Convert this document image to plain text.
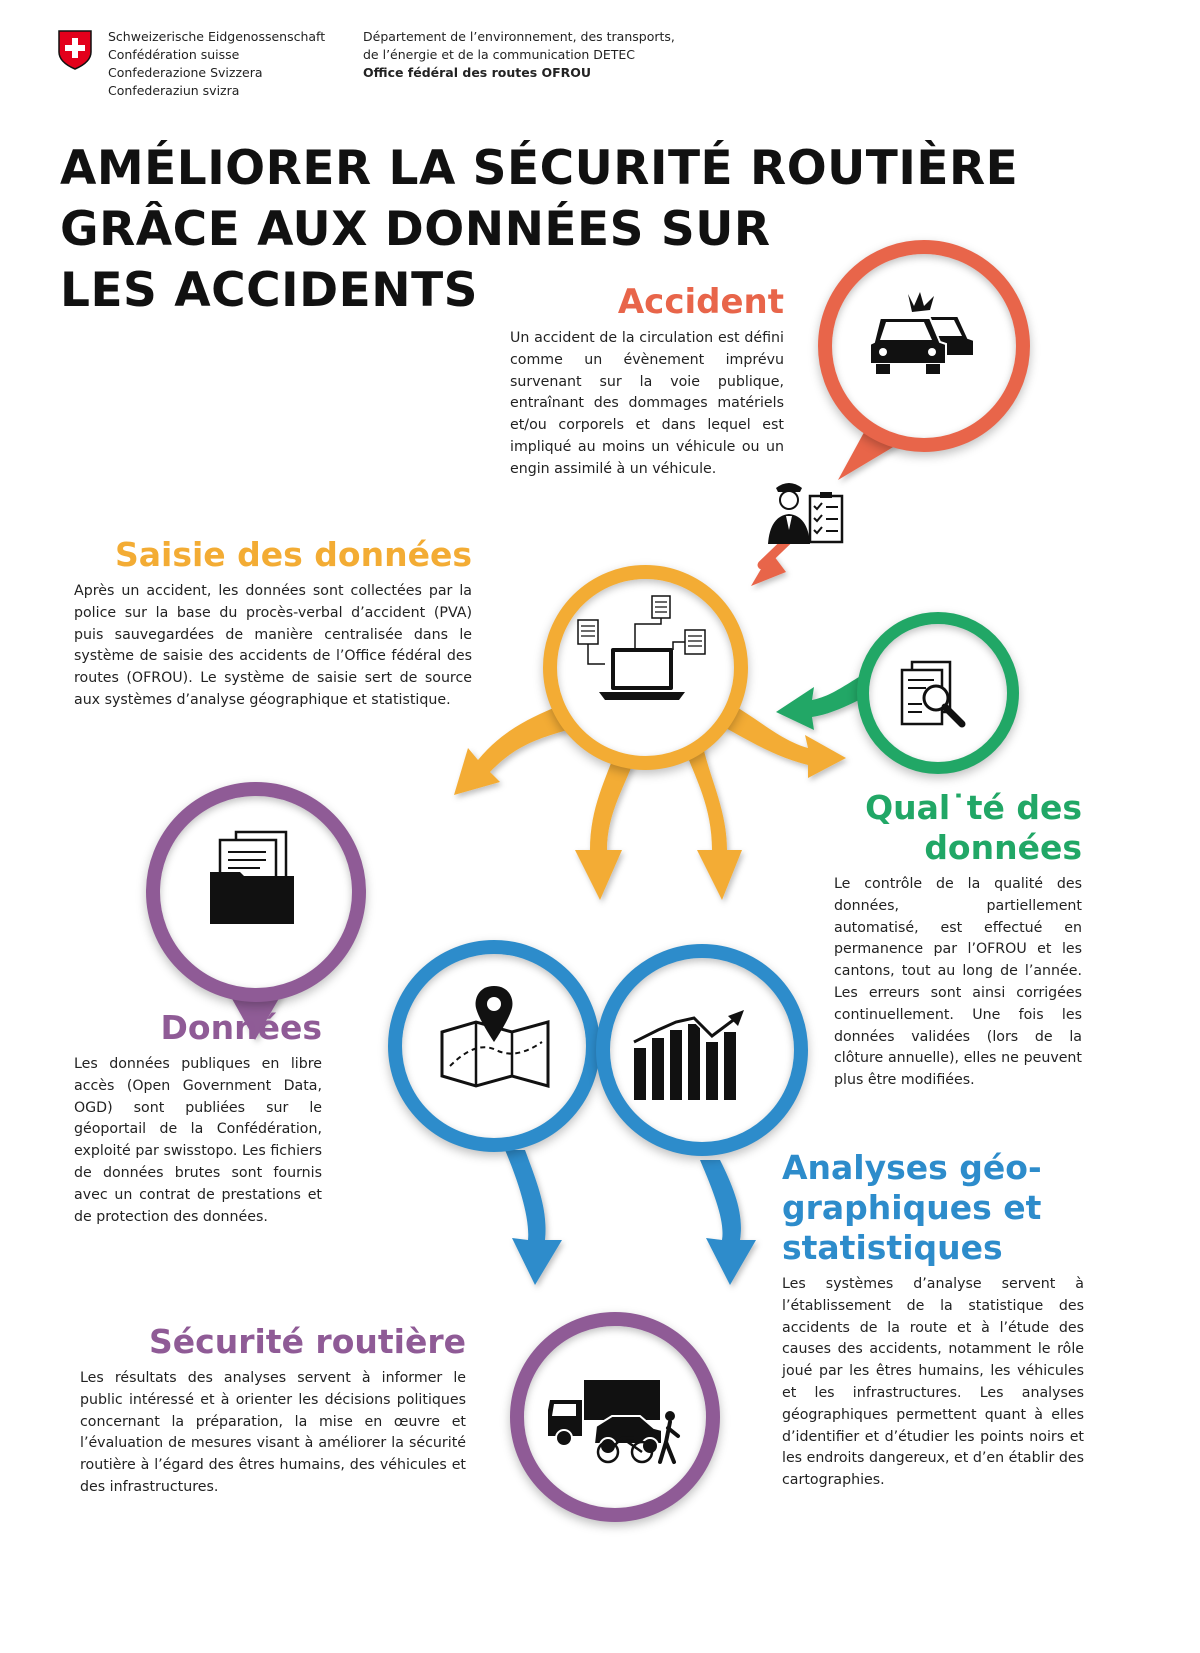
Schweizerische Eidgenossenschaft
Confédération suisse
Confederazione Svizzera
Confederaziun svizra
Département de l’environnement, des transports,
de l’énergie et de la communication DETEC
Office fédéral des routes OFROU
AMÉLIORER LA SÉCURITÉ ROUTIÈRE
GRÂCE AUX DONNÉES SUR
LES ACCIDENTS	Accident
Un accident de la circulation est défini comme un évènement imprévu survenant sur la voie publique, entraînant des dommages matériels et/ou corporels et dans lequel est impliqué au moins un véhicule ou un engin assimilé à un véhicule.
Saisie des données
Après un accident, les données sont collectées par la police sur la base du procès-verbal d’accident (PVA) puis sauvegardées de manière centralisée dans le système de saisie des accidents de l’Office fédéral des routes (OFROU). Le système de saisie sert de source aux systèmes d’analyse géographique et statistique.
Qual˙té des
données
Le contrôle de la qualité des données, partiellement automatisé, est effectué en permanence par l’OFROU et les cantons, tout au long de l’année. Les erreurs sont ainsi corrigées continuellement. Une fois les données validées (lors de la clôture annuelle), elles ne peuvent plus être modifiées.
Données
Les données publiques en libre accès (Open Government Data, OGD) sont publiées sur le géoportail de la Confédération, exploité par swisstopo. Les fichiers de données brutes sont fournis avec un contrat de prestations et de protection des données.
Analyses géo-
graphiques et
statistiques
Les systèmes d’analyse servent à l’établissement de la statistique des accidents de la route et à l’étude des causes des accidents, notamment le rôle joué par les êtres humains, les véhicules et les infrastructures. Les analyses géographiques permettent quant à elles d’identifier et d’étudier les points noirs et les endroits dangereux, et d’en établir des cartographies.
Sécurité routière
Les résultats des analyses servent à informer le public intéressé et à orienter les décisions politiques concernant la préparation, la mise en œuvre et l’évaluation de mesures visant à améliorer la sécurité routière à l’égard des êtres humains, des véhicules et des infrastructures.
